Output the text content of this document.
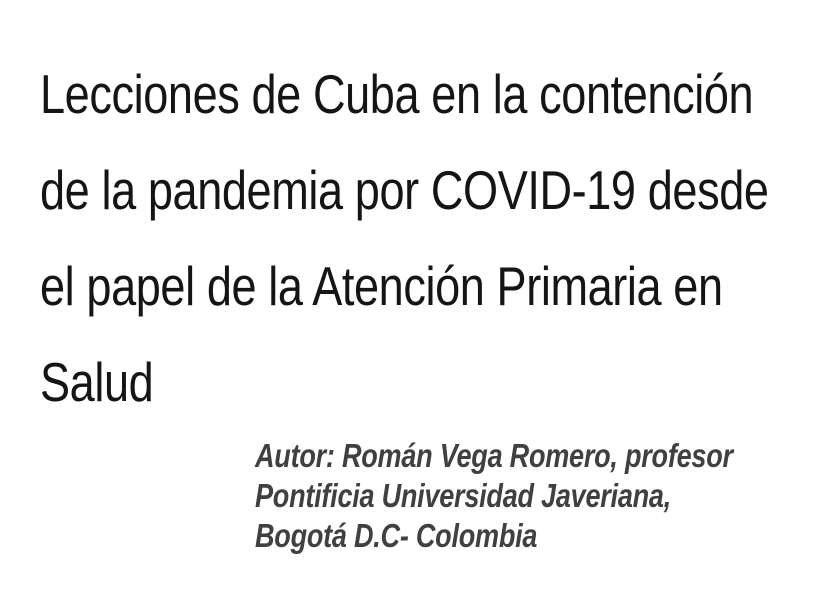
Lecciones de Cuba en la contención
de la pandemia por COVID-19 desde
el papel de la Atención Primaria en
Salud
Autor: Román Vega Romero, profesor
Pontificia Universidad Javeriana,
Bogotá D.C- Colombia
